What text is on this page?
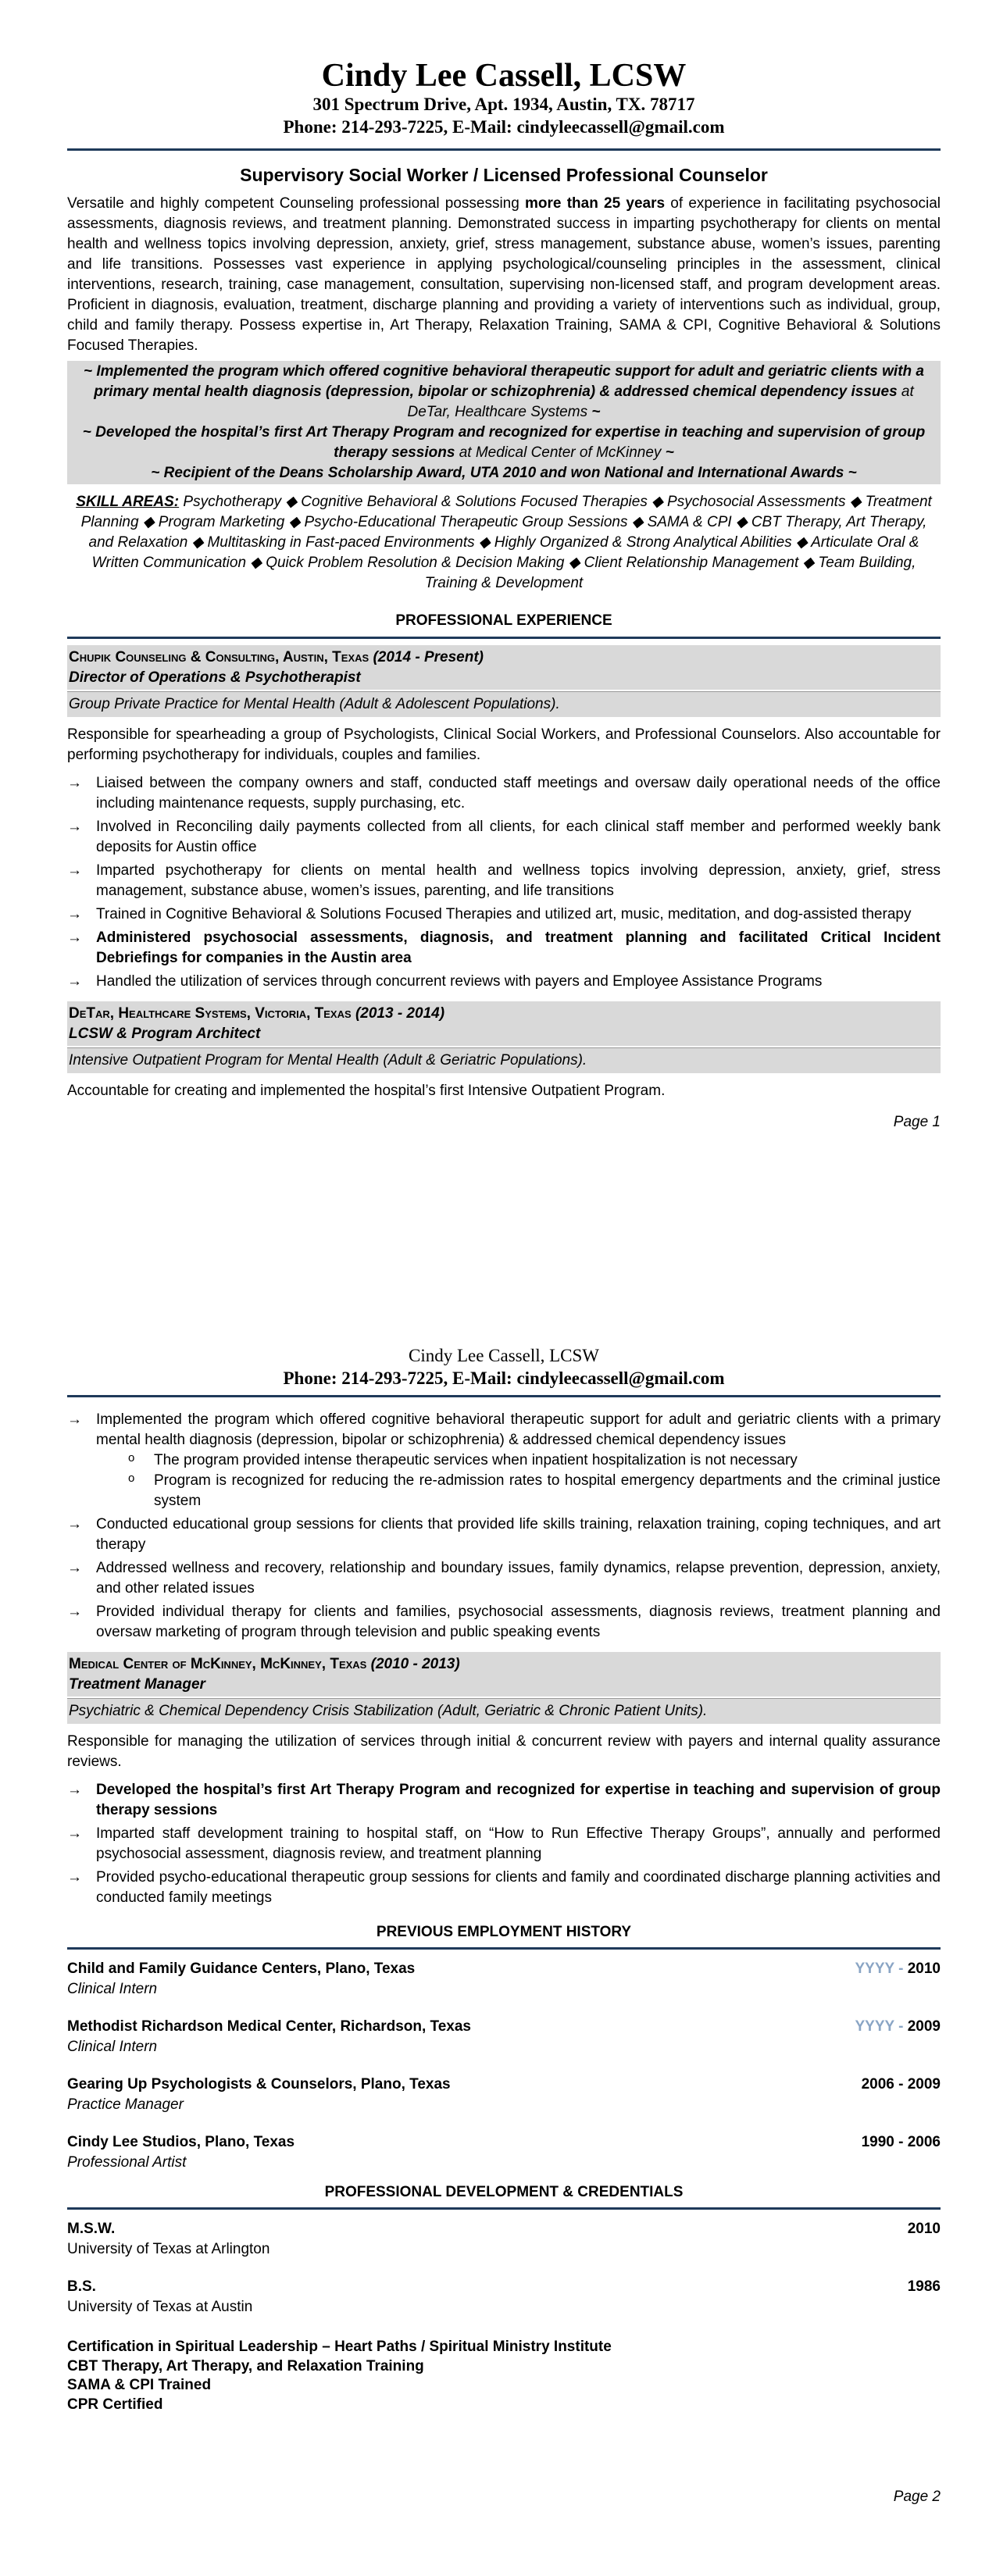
Cindy Lee Cassell, LCSW
301 Spectrum Drive, Apt. 1934, Austin, TX. 78717
Phone: 214-293-7225, E-Mail: cindyleecassell@gmail.com
Supervisory Social Worker / Licensed Professional Counselor
Versatile and highly competent Counseling professional possessing more than 25 years of experience in facilitating psychosocial assessments, diagnosis reviews, and treatment planning. Demonstrated success in imparting psychotherapy for clients on mental health and wellness topics involving depression, anxiety, grief, stress management, substance abuse, women’s issues, parenting and life transitions. Possesses vast experience in applying psychological/counseling principles in the assessment, clinical interventions, research, training, case management, consultation, supervising non-licensed staff, and program development areas. Proficient in diagnosis, evaluation, treatment, discharge planning and providing a variety of interventions such as individual, group, child and family therapy. Possess expertise in, Art Therapy, Relaxation Training, SAMA & CPI, Cognitive Behavioral & Solutions Focused Therapies.
~ Implemented the program which offered cognitive behavioral therapeutic support for adult and geriatric clients with a primary mental health diagnosis (depression, bipolar or schizophrenia) & addressed chemical dependency issues at DeTar, Healthcare Systems ~
~ Developed the hospital’s first Art Therapy Program and recognized for expertise in teaching and supervision of group therapy sessions at Medical Center of McKinney ~
~ Recipient of the Deans Scholarship Award, UTA 2010 and won National and International Awards ~
SKILL AREAS: Psychotherapy ◆ Cognitive Behavioral & Solutions Focused Therapies ◆ Psychosocial Assessments ◆ Treatment Planning ◆ Program Marketing ◆ Psycho-Educational Therapeutic Group Sessions ◆ SAMA & CPI ◆ CBT Therapy, Art Therapy, and Relaxation ◆ Multitasking in Fast-paced Environments ◆ Highly Organized & Strong Analytical Abilities ◆ Articulate Oral & Written Communication ◆ Quick Problem Resolution & Decision Making ◆ Client Relationship Management ◆ Team Building, Training & Development
PROFESSIONAL EXPERIENCE
Chupik Counseling & Consulting, Austin, Texas (2014 - Present)
Director of Operations & Psychotherapist
Group Private Practice for Mental Health (Adult & Adolescent Populations).
Responsible for spearheading a group of Psychologists, Clinical Social Workers, and Professional Counselors. Also accountable for performing psychotherapy for individuals, couples and families.
→ Liaised between the company owners and staff, conducted staff meetings and oversaw daily operational needs of the office including maintenance requests, supply purchasing, etc.
→ Involved in Reconciling daily payments collected from all clients, for each clinical staff member and performed weekly bank deposits for Austin office
→ Imparted psychotherapy for clients on mental health and wellness topics involving depression, anxiety, grief, stress management, substance abuse, women’s issues, parenting, and life transitions
→ Trained in Cognitive Behavioral & Solutions Focused Therapies and utilized art, music, meditation, and dog-assisted therapy
→ Administered psychosocial assessments, diagnosis, and treatment planning and facilitated Critical Incident Debriefings for companies in the Austin area
→ Handled the utilization of services through concurrent reviews with payers and Employee Assistance Programs
DeTar, Healthcare Systems, Victoria, Texas (2013 - 2014)
LCSW & Program Architect
Intensive Outpatient Program for Mental Health (Adult & Geriatric Populations).
Accountable for creating and implemented the hospital’s first Intensive Outpatient Program.
Page 1
Cindy Lee Cassell, LCSW
Phone: 214-293-7225, E-Mail: cindyleecassell@gmail.com
→ Implemented the program which offered cognitive behavioral therapeutic support for adult and geriatric clients with a primary mental health diagnosis (depression, bipolar or schizophrenia) & addressed chemical dependency issues
o The program provided intense therapeutic services when inpatient hospitalization is not necessary
o Program is recognized for reducing the re-admission rates to hospital emergency departments and the criminal justice system
→ Conducted educational group sessions for clients that provided life skills training, relaxation training, coping techniques, and art therapy
→ Addressed wellness and recovery, relationship and boundary issues, family dynamics, relapse prevention, depression, anxiety, and other related issues
→ Provided individual therapy for clients and families, psychosocial assessments, diagnosis reviews, treatment planning and oversaw marketing of program through television and public speaking events
Medical Center of McKinney, McKinney, Texas (2010 - 2013)
Treatment Manager
Psychiatric & Chemical Dependency Crisis Stabilization (Adult, Geriatric & Chronic Patient Units).
Responsible for managing the utilization of services through initial & concurrent review with payers and internal quality assurance reviews.
→ Developed the hospital’s first Art Therapy Program and recognized for expertise in teaching and supervision of group therapy sessions
→ Imparted staff development training to hospital staff, on “How to Run Effective Therapy Groups”, annually and performed psychosocial assessment, diagnosis review, and treatment planning
→ Provided psycho-educational therapeutic group sessions for clients and family and coordinated discharge planning activities and conducted family meetings
PREVIOUS EMPLOYMENT HISTORY
Child and Family Guidance Centers, Plano, Texas	YYYY - 2010
Clinical Intern
Methodist Richardson Medical Center, Richardson, Texas	YYYY - 2009
Clinical Intern
Gearing Up Psychologists & Counselors, Plano, Texas	2006 - 2009
Practice Manager
Cindy Lee Studios, Plano, Texas	1990 - 2006
Professional Artist
PROFESSIONAL DEVELOPMENT & CREDENTIALS
M.S.W.	2010
University of Texas at Arlington
B.S.	1986
University of Texas at Austin
Certification in Spiritual Leadership – Heart Paths / Spiritual Ministry Institute
CBT Therapy, Art Therapy, and Relaxation Training
SAMA & CPI Trained
CPR Certified
Page 2
